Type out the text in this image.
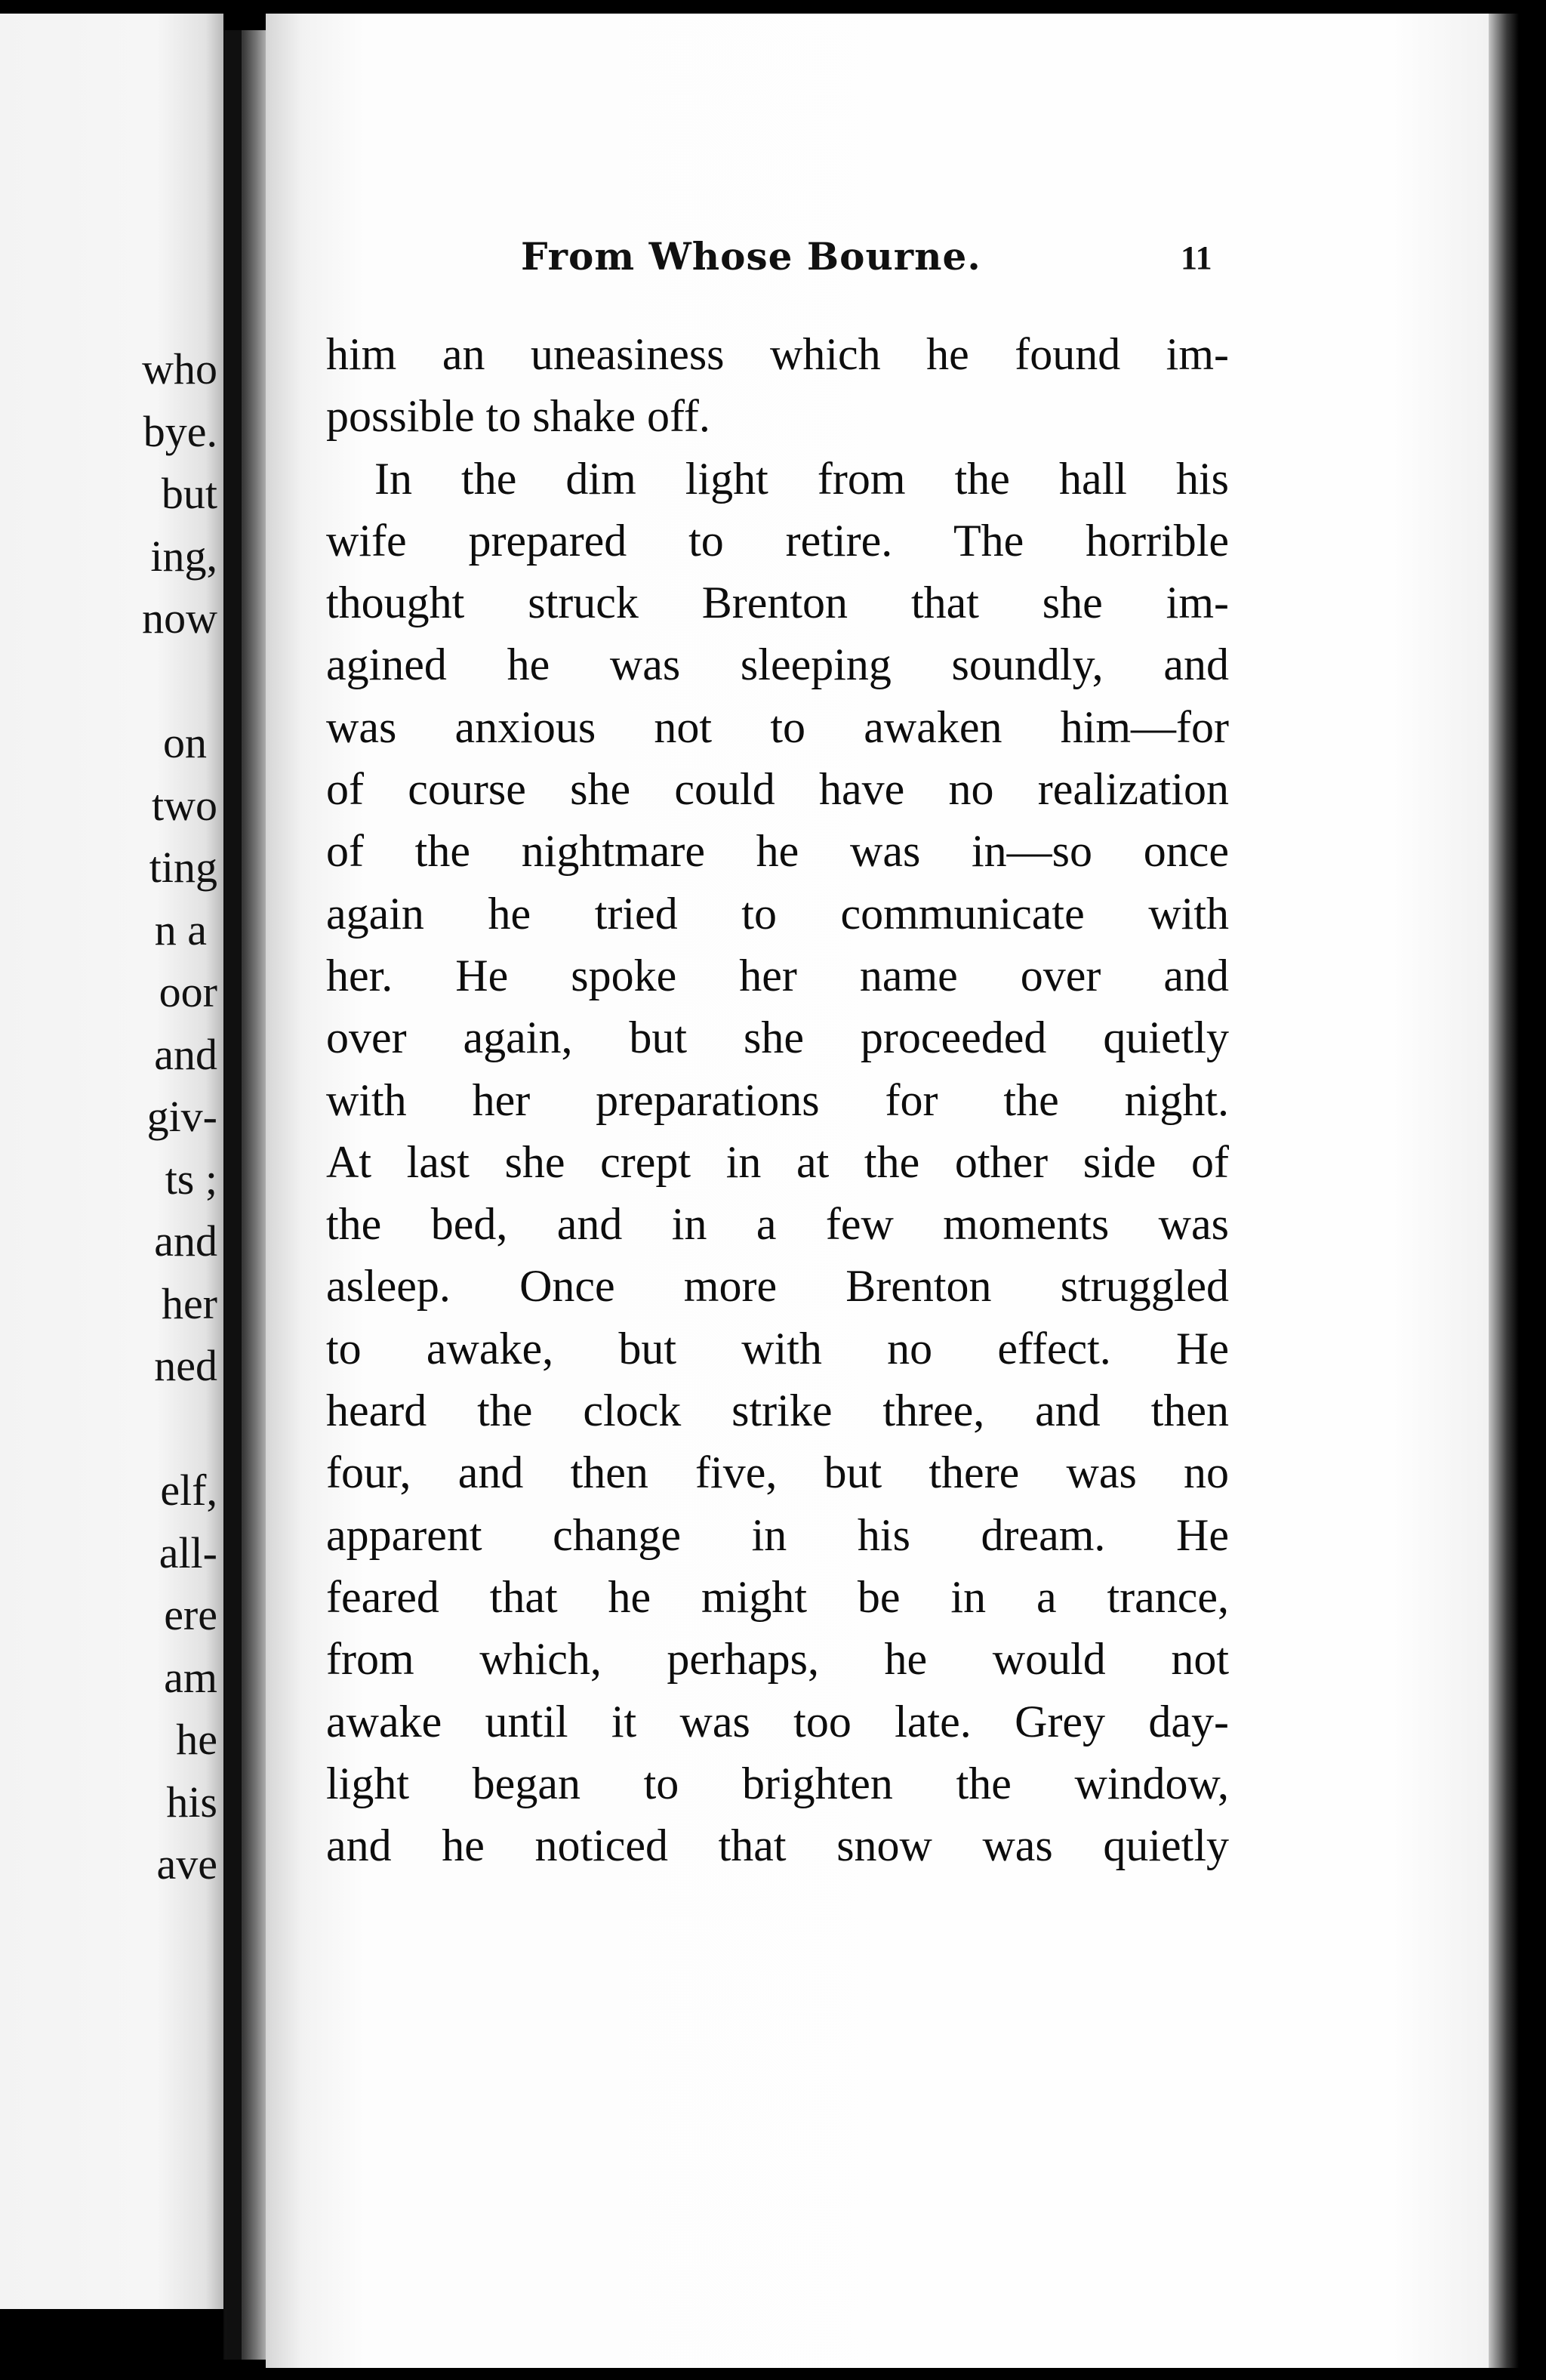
who
bye.
but
ing,
now
on
two
ting
n a
oor
and
giv-
ts ;
and
her
ned
elf,
all-
ere
am
he
his
ave
From Whose Bourne.	11
him an uneasiness which he found im-
possible to shake off.
In the dim light from the hall his
wife prepared to retire. The horrible
thought struck Brenton that she im-
agined he was sleeping soundly, and
was anxious not to awaken him—for
of course she could have no realization
of the nightmare he was in—so once
again he tried to communicate with
her. He spoke her name over and
over again, but she proceeded quietly
with her preparations for the night.
At last she crept in at the other side of
the bed, and in a few moments was
asleep. Once more Brenton struggled
to awake, but with no effect. He
heard the clock strike three, and then
four, and then five, but there was no
apparent change in his dream. He
feared that he might be in a trance,
from which, perhaps, he would not
awake until it was too late. Grey day-
light began to brighten the window,
and he noticed that snow was quietly
